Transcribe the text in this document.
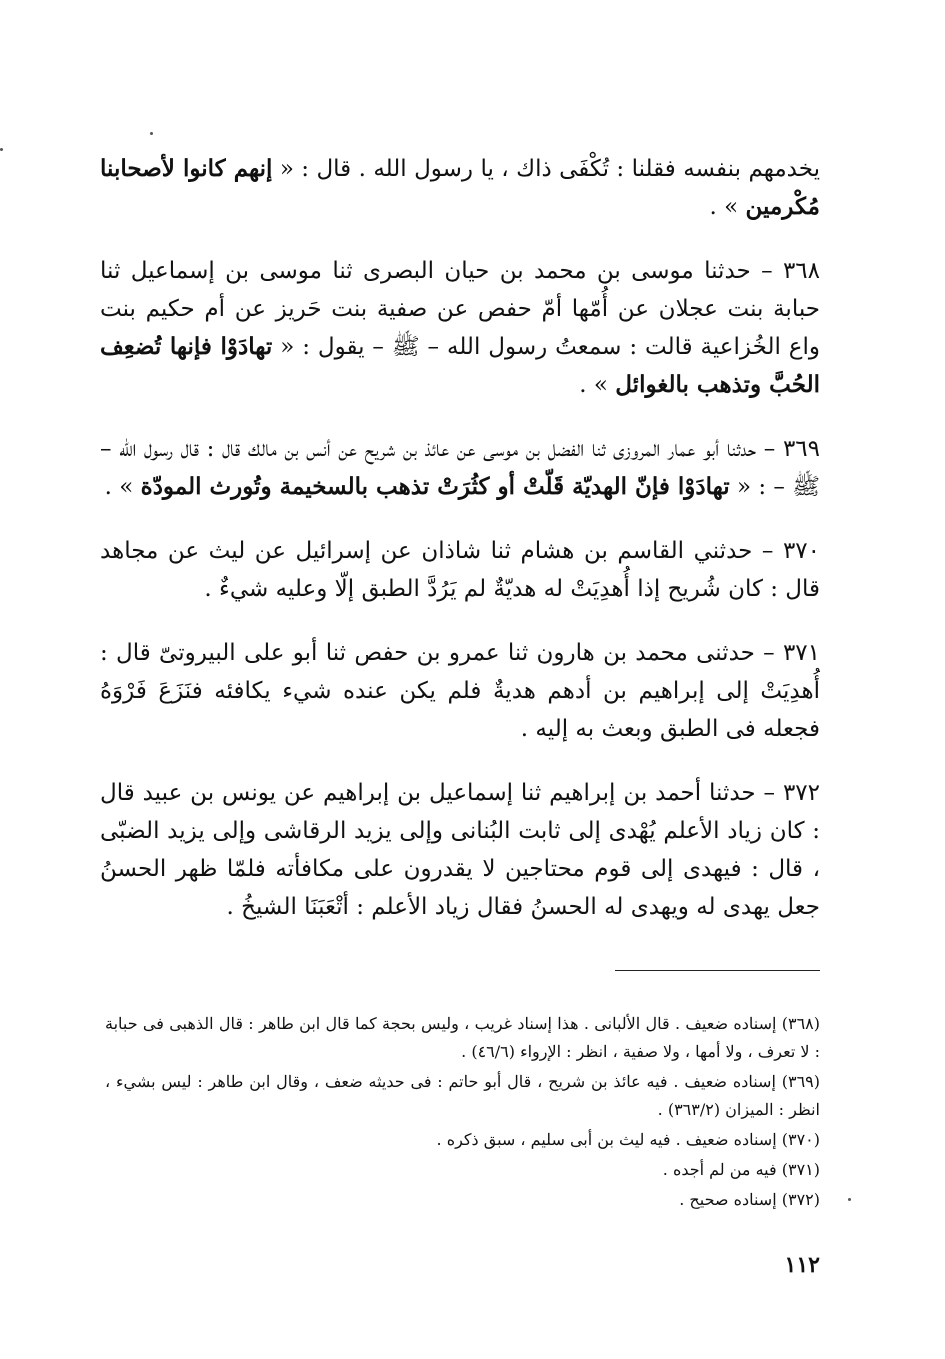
يخدمهم بنفسه فقلنا : تُكْفَى ذاك ، يا رسول الله . قال : « إنهم كانوا لأصحابنا مُكْرمين » .

٣٦٨ – حدثنا موسى بن محمد بن حيان البصرى ثنا موسى بن إسماعيل ثنا حبابة بنت عجلان عن أُمّها أمّ حفص عن صفية بنت حَريز عن أم حكيم بنت واع الخُزاعية قالت : سمعتُ رسول الله – ﷺ – يقول : « تهادَوْا فإنها تُضعِف الحُبَّ وتذهب بالغوائل » .

٣٦٩ – حدثنا أبو عمار المروزى ثنا الفضل بن موسى عن عائذ بن شريح عن أنس بن مالك قال : قال رسول الله – ﷺ – : « تهادَوْا فإنّ الهديّة قَلّتْ أو كثُرَتْ تذهب بالسخيمة وتُورث المودّة » .

٣٧٠ – حدثني القاسم بن هشام ثنا شاذان عن إسرائيل عن ليث عن مجاهد قال : كان شُريح إذا أُهدِيَتْ له هديّةٌ لم يَرُدَّ الطبق إلّا وعليه شيءٌ .

٣٧١ – حدثنى محمد بن هارون ثنا عمرو بن حفص ثنا أبو على البيروتىّ قال : أُهدِيَتْ إلى إبراهيم بن أدهم هديةٌ فلم يكن عنده شيء يكافئه فنَزَعَ فَرْوَهُ فجعله فى الطبق وبعث به إليه .

٣٧٢ – حدثنا أحمد بن إبراهيم ثنا إسماعيل بن إبراهيم عن يونس بن عبيد قال : كان زياد الأعلم يُهْدى إلى ثابت البُنانى وإلى يزيد الرقاشى وإلى يزيد الضبّى ، قال : فيهدى إلى قوم محتاجين لا يقدرون على مكافأته فلمّا ظهر الحسنُ جعل يهدى له ويهدى له الحسنُ فقال زياد الأعلم : أتْعَبَنَا الشيخُ .

(٣٦٨) إسناده ضعيف . قال الألبانى . هذا إسناد غريب ، وليس بحجة كما قال ابن طاهر : قال الذهبى فى حبابة : لا تعرف ، ولا أمها ، ولا صفية ، انظر : الإرواء (٤٦/٦) .
(٣٦٩) إسناده ضعيف . فيه عائذ بن شريح ، قال أبو حاتم : فى حديثه ضعف ، وقال ابن طاهر : ليس بشيء ، انظر : الميزان (٣٦٣/٢) .
(٣٧٠) إسناده ضعيف . فيه ليث بن أبى سليم ، سبق ذكره .
(٣٧١) فيه من لم أجده .
(٣٧٢) إسناده صحيح .
١١٢
